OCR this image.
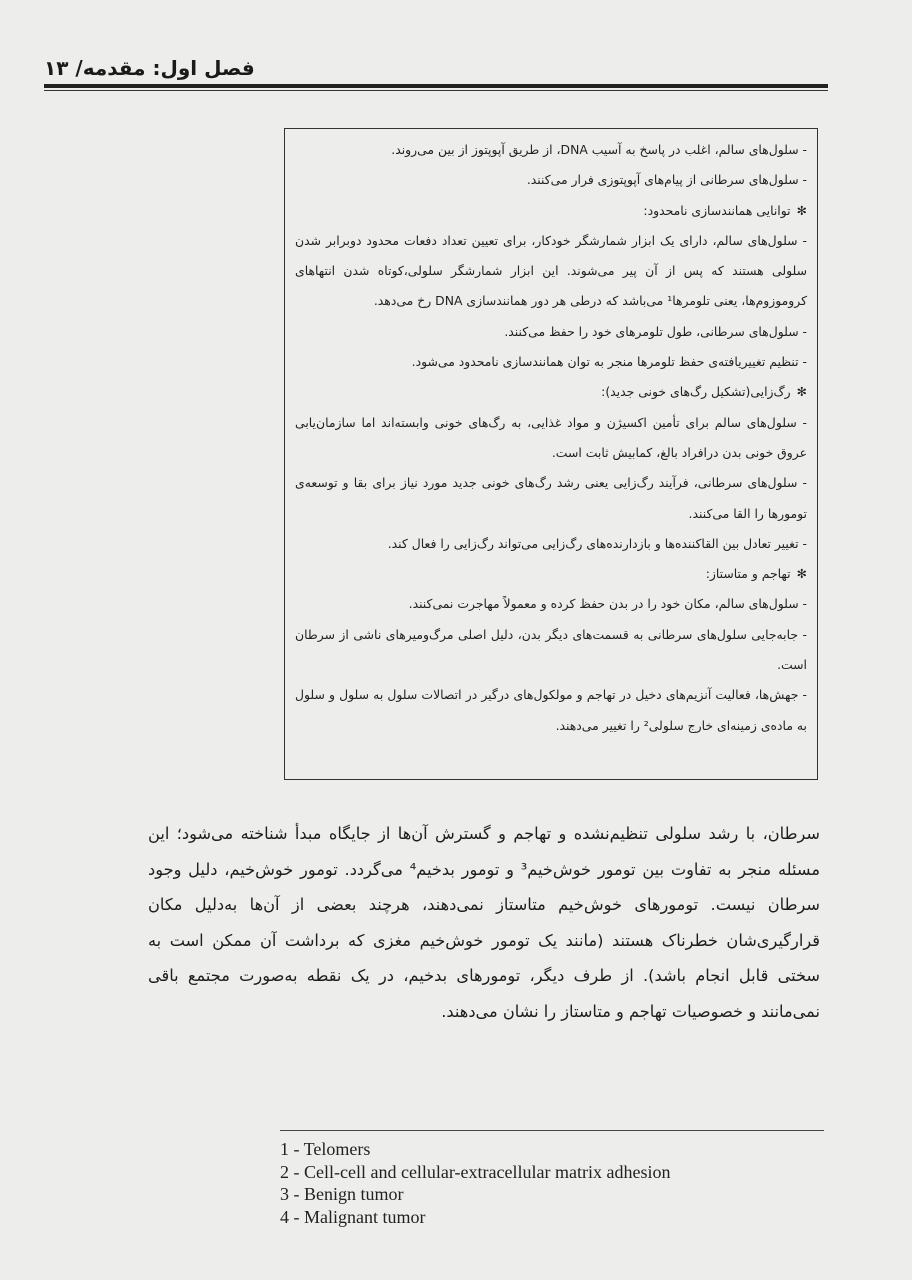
فصل اول: مقدمه/ ۱۳

- سلول‌های سالم، اغلب در پاسخ به آسیب DNA، از طریق آپوپتوز از بین می‌روند.

- سلول‌های سرطانی از پیام‌های آپوپتوزی فرار می‌کنند.

✻توانایی همانندسازی نامحدود:

- سلول‌های سالم، دارای یک ابزار شمارشگر خودکار، برای تعیین تعداد دفعات محدود دوبرابر شدن سلولی هستند که پس از آن پیر می‌شوند. این ابزار شمارشگر سلولی،کوتاه شدن انتهاهای کروموزوم‌ها، یعنی تلومرها¹ می‌باشد که درطی هر دور همانندسازی DNA رخ می‌دهد.

- سلول‌های سرطانی، طول تلومرهای خود را حفظ می‌کنند.

- تنظیم تغییریافته‌ی حفظ تلومرها منجر به توان همانندسازی نامحدود می‌شود.

✻رگ‌زایی(تشکیل رگ‌های خونی جدید):

- سلول‌های سالم برای تأمین اکسیژن و مواد غذایی، به رگ‌های خونی وابسته‌اند اما سازمان‌یابی عروق خونی بدن درافراد بالغ، کمابیش ثابت است.

- سلول‌های سرطانی، فرآیند رگ‌زایی یعنی رشد رگ‌های خونی جدید مورد نیاز برای بقا و توسعه‌ی تومورها را القا می‌کنند.

- تغییر تعادل بین القاکننده‌ها و بازدارنده‌های رگ‌زایی می‌تواند رگ‌زایی را فعال کند.

✻تهاجم و متاستاز:

- سلول‌های سالم، مکان خود را در بدن حفظ کرده و معمولاً مهاجرت نمی‌کنند.

- جابه‌جایی سلول‌های سرطانی به قسمت‌های دیگر بدن، دلیل اصلی مرگ‌ومیرهای ناشی از سرطان است.

- جهش‌ها، فعالیت آنزیم‌های دخیل در تهاجم و مولکول‌های درگیر در اتصالات سلول به سلول و سلول به ماده‌ی زمینه‌ای خارج سلولی² را تغییر می‌دهند.

سرطان، با رشد سلولی تنظیم‌نشده و تهاجم و گسترش آن‌ها از جایگاه مبدأ شناخته می‌شود؛ این مسئله منجر به تفاوت بین تومور خوش‌خیم³ و تومور بدخیم⁴ می‌گردد. تومور خوش‌خیم، دلیل وجود سرطان نیست. تومورهای خوش‌خیم متاستاز نمی‌دهند، هرچند بعضی از آن‌ها به‌دلیل مکان قرارگیری‌شان خطرناک هستند (مانند یک تومور خوش‌خیم مغزی که برداشت آن ممکن است به سختی قابل انجام باشد). از طرف دیگر، تومورهای بدخیم، در یک نقطه به‌صورت مجتمع باقی نمی‌مانند و خصوصیات تهاجم و متاستاز را نشان می‌دهند.

1 - Telomers
2 - Cell-cell and cellular-extracellular matrix adhesion
3 - Benign tumor
4 - Malignant tumor
